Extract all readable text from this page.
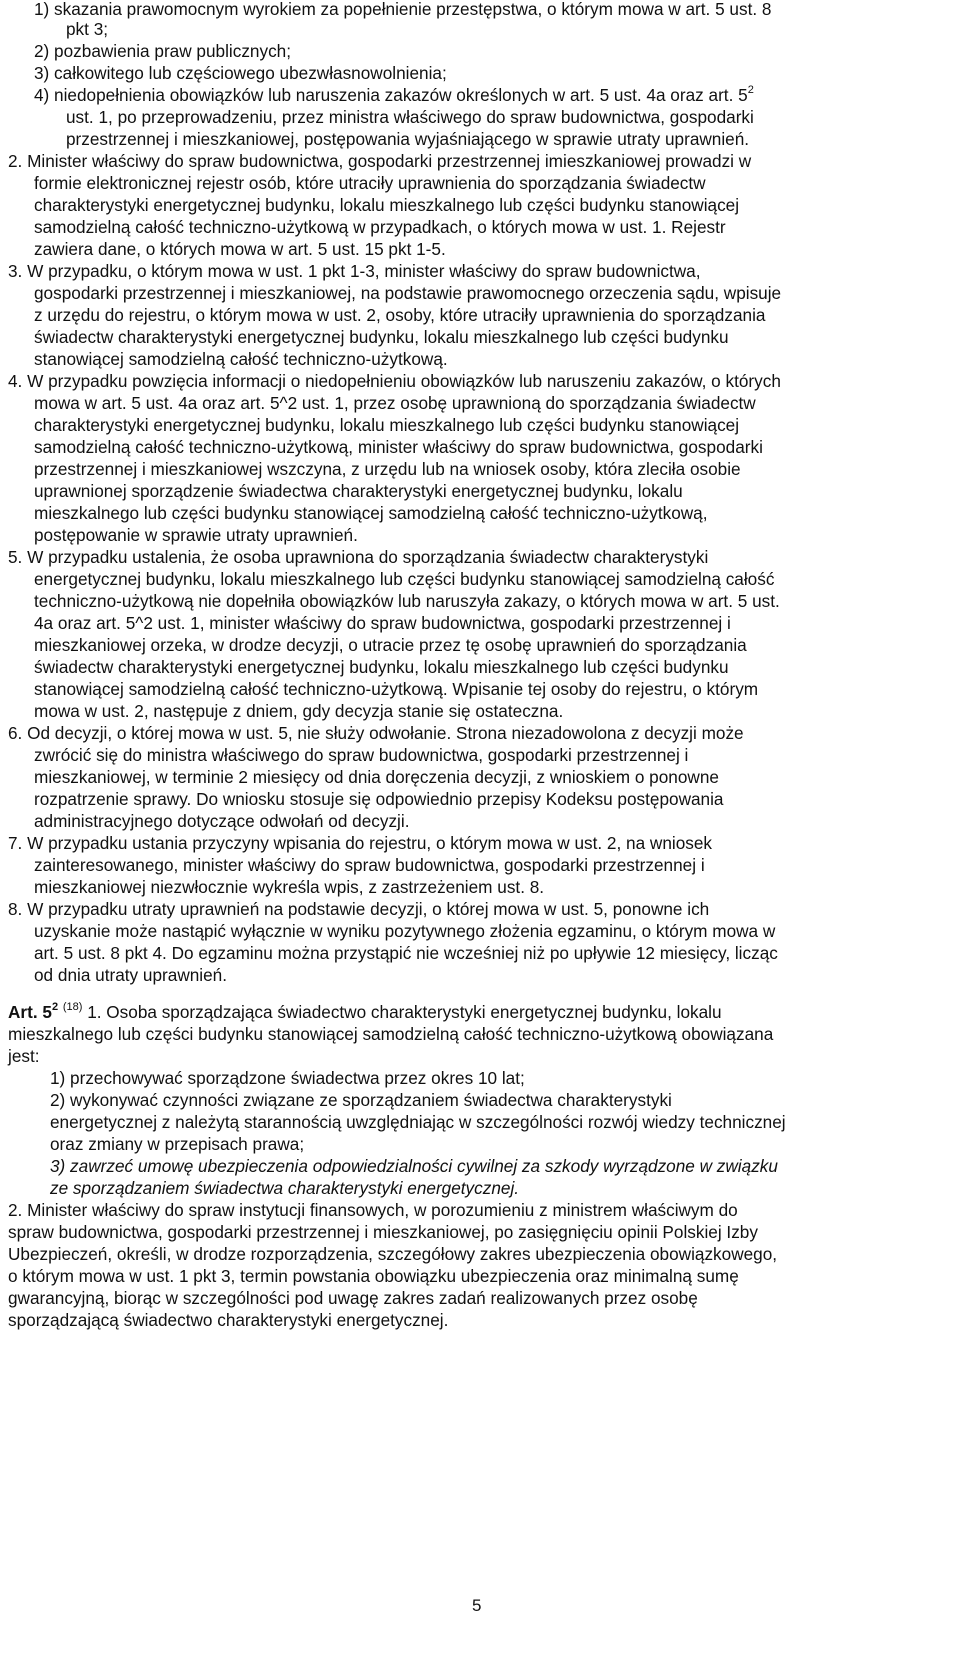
1) skazania prawomocnym wyrokiem za popełnienie przestępstwa, o którym mowa w art. 5 ust. 8
pkt 3;
2) pozbawienia praw publicznych;
3) całkowitego lub częściowego ubezwłasnowolnienia;
4) niedopełnienia obowiązków lub naruszenia zakazów określonych w art. 5 ust. 4a oraz art. $5^2$
ust. 1, po przeprowadzeniu, przez ministra właściwego do spraw budownictwa, gospodarki
przestrzennej i mieszkaniowej, postępowania wyjaśniającego w sprawie utraty uprawnień.
2. Minister właściwy do spraw budownictwa, gospodarki przestrzennej imieszkaniowej prowadzi w
formie elektronicznej rejestr osób, które utraciły uprawnienia do sporządzania świadectw
charakterystyki energetycznej budynku, lokalu mieszkalnego lub części budynku stanowiącej
samodzielną całość techniczno-użytkową w przypadkach, o których mowa w ust. 1. Rejestr
zawiera dane, o których mowa w art. 5 ust. 15 pkt 1-5.
3. W przypadku, o którym mowa w ust. 1 pkt 1-3, minister właściwy do spraw budownictwa,
gospodarki przestrzennej i mieszkaniowej, na podstawie prawomocnego orzeczenia sądu, wpisuje
z urzędu do rejestru, o którym mowa w ust. 2, osoby, które utraciły uprawnienia do sporządzania
świadectw charakterystyki energetycznej budynku, lokalu mieszkalnego lub części budynku
stanowiącej samodzielną całość techniczno-użytkową.
4. W przypadku powzięcia informacji o niedopełnieniu obowiązków lub naruszeniu zakazów, o których
mowa w art. 5 ust. 4a oraz art. 5^2 ust. 1, przez osobę uprawnioną do sporządzania świadectw
charakterystyki energetycznej budynku, lokalu mieszkalnego lub części budynku stanowiącej
samodzielną całość techniczno-użytkową, minister właściwy do spraw budownictwa, gospodarki
przestrzennej i mieszkaniowej wszczyna, z urzędu lub na wniosek osoby, która zleciła osobie
uprawnionej sporządzenie świadectwa charakterystyki energetycznej budynku, lokalu
mieszkalnego lub części budynku stanowiącej samodzielną całość techniczno-użytkową,
postępowanie w sprawie utraty uprawnień.
5. W przypadku ustalenia, że osoba uprawniona do sporządzania świadectw charakterystyki
energetycznej budynku, lokalu mieszkalnego lub części budynku stanowiącej samodzielną całość
techniczno-użytkową nie dopełniła obowiązków lub naruszyła zakazy, o których mowa w art. 5 ust.
4a oraz art. 5^2 ust. 1, minister właściwy do spraw budownictwa, gospodarki przestrzennej i
mieszkaniowej orzeka, w drodze decyzji, o utracie przez tę osobę uprawnień do sporządzania
świadectw charakterystyki energetycznej budynku, lokalu mieszkalnego lub części budynku
stanowiącej samodzielną całość techniczno-użytkową. Wpisanie tej osoby do rejestru, o którym
mowa w ust. 2, następuje z dniem, gdy decyzja stanie się ostateczna.
6. Od decyzji, o której mowa w ust. 5, nie służy odwołanie. Strona niezadowolona z decyzji może
zwrócić się do ministra właściwego do spraw budownictwa, gospodarki przestrzennej i
mieszkaniowej, w terminie 2 miesięcy od dnia doręczenia decyzji, z wnioskiem o ponowne
rozpatrzenie sprawy. Do wniosku stosuje się odpowiednio przepisy Kodeksu postępowania
administracyjnego dotyczące odwołań od decyzji.
7. W przypadku ustania przyczyny wpisania do rejestru, o którym mowa w ust. 2, na wniosek
zainteresowanego, minister właściwy do spraw budownictwa, gospodarki przestrzennej i
mieszkaniowej niezwłocznie wykreśla wpis, z zastrzeżeniem ust. 8.
8. W przypadku utraty uprawnień na podstawie decyzji, o której mowa w ust. 5, ponowne ich
uzyskanie może nastąpić wyłącznie w wyniku pozytywnego złożenia egzaminu, o którym mowa w
art. 5 ust. 8 pkt 4. Do egzaminu można przystąpić nie wcześniej niż po upływie 12 miesięcy, licząc
od dnia utraty uprawnień.
Art. $5^2$ $^{(18)}$ 1. Osoba sporządzająca świadectwo charakterystyki energetycznej budynku, lokalu
mieszkalnego lub części budynku stanowiącej samodzielną całość techniczno-użytkową obowiązana
jest:
1) przechowywać sporządzone świadectwa przez okres 10 lat;
2) wykonywać czynności związane ze sporządzaniem świadectwa charakterystyki
energetycznej z należytą starannością uwzględniając w szczególności rozwój wiedzy technicznej
oraz zmiany w przepisach prawa;
3) zawrzeć umowę ubezpieczenia odpowiedzialności cywilnej za szkody wyrządzone w związku
ze sporządzaniem świadectwa charakterystyki energetycznej.
2. Minister właściwy do spraw instytucji finansowych, w porozumieniu z ministrem właściwym do
spraw budownictwa, gospodarki przestrzennej i mieszkaniowej, po zasięgnięciu opinii Polskiej Izby
Ubezpieczeń, określi, w drodze rozporządzenia, szczegółowy zakres ubezpieczenia obowiązkowego,
o którym mowa w ust. 1 pkt 3, termin powstania obowiązku ubezpieczenia oraz minimalną sumę
gwarancyjną, biorąc w szczególności pod uwagę zakres zadań realizowanych przez osobę
sporządzającą świadectwo charakterystyki energetycznej.
5
